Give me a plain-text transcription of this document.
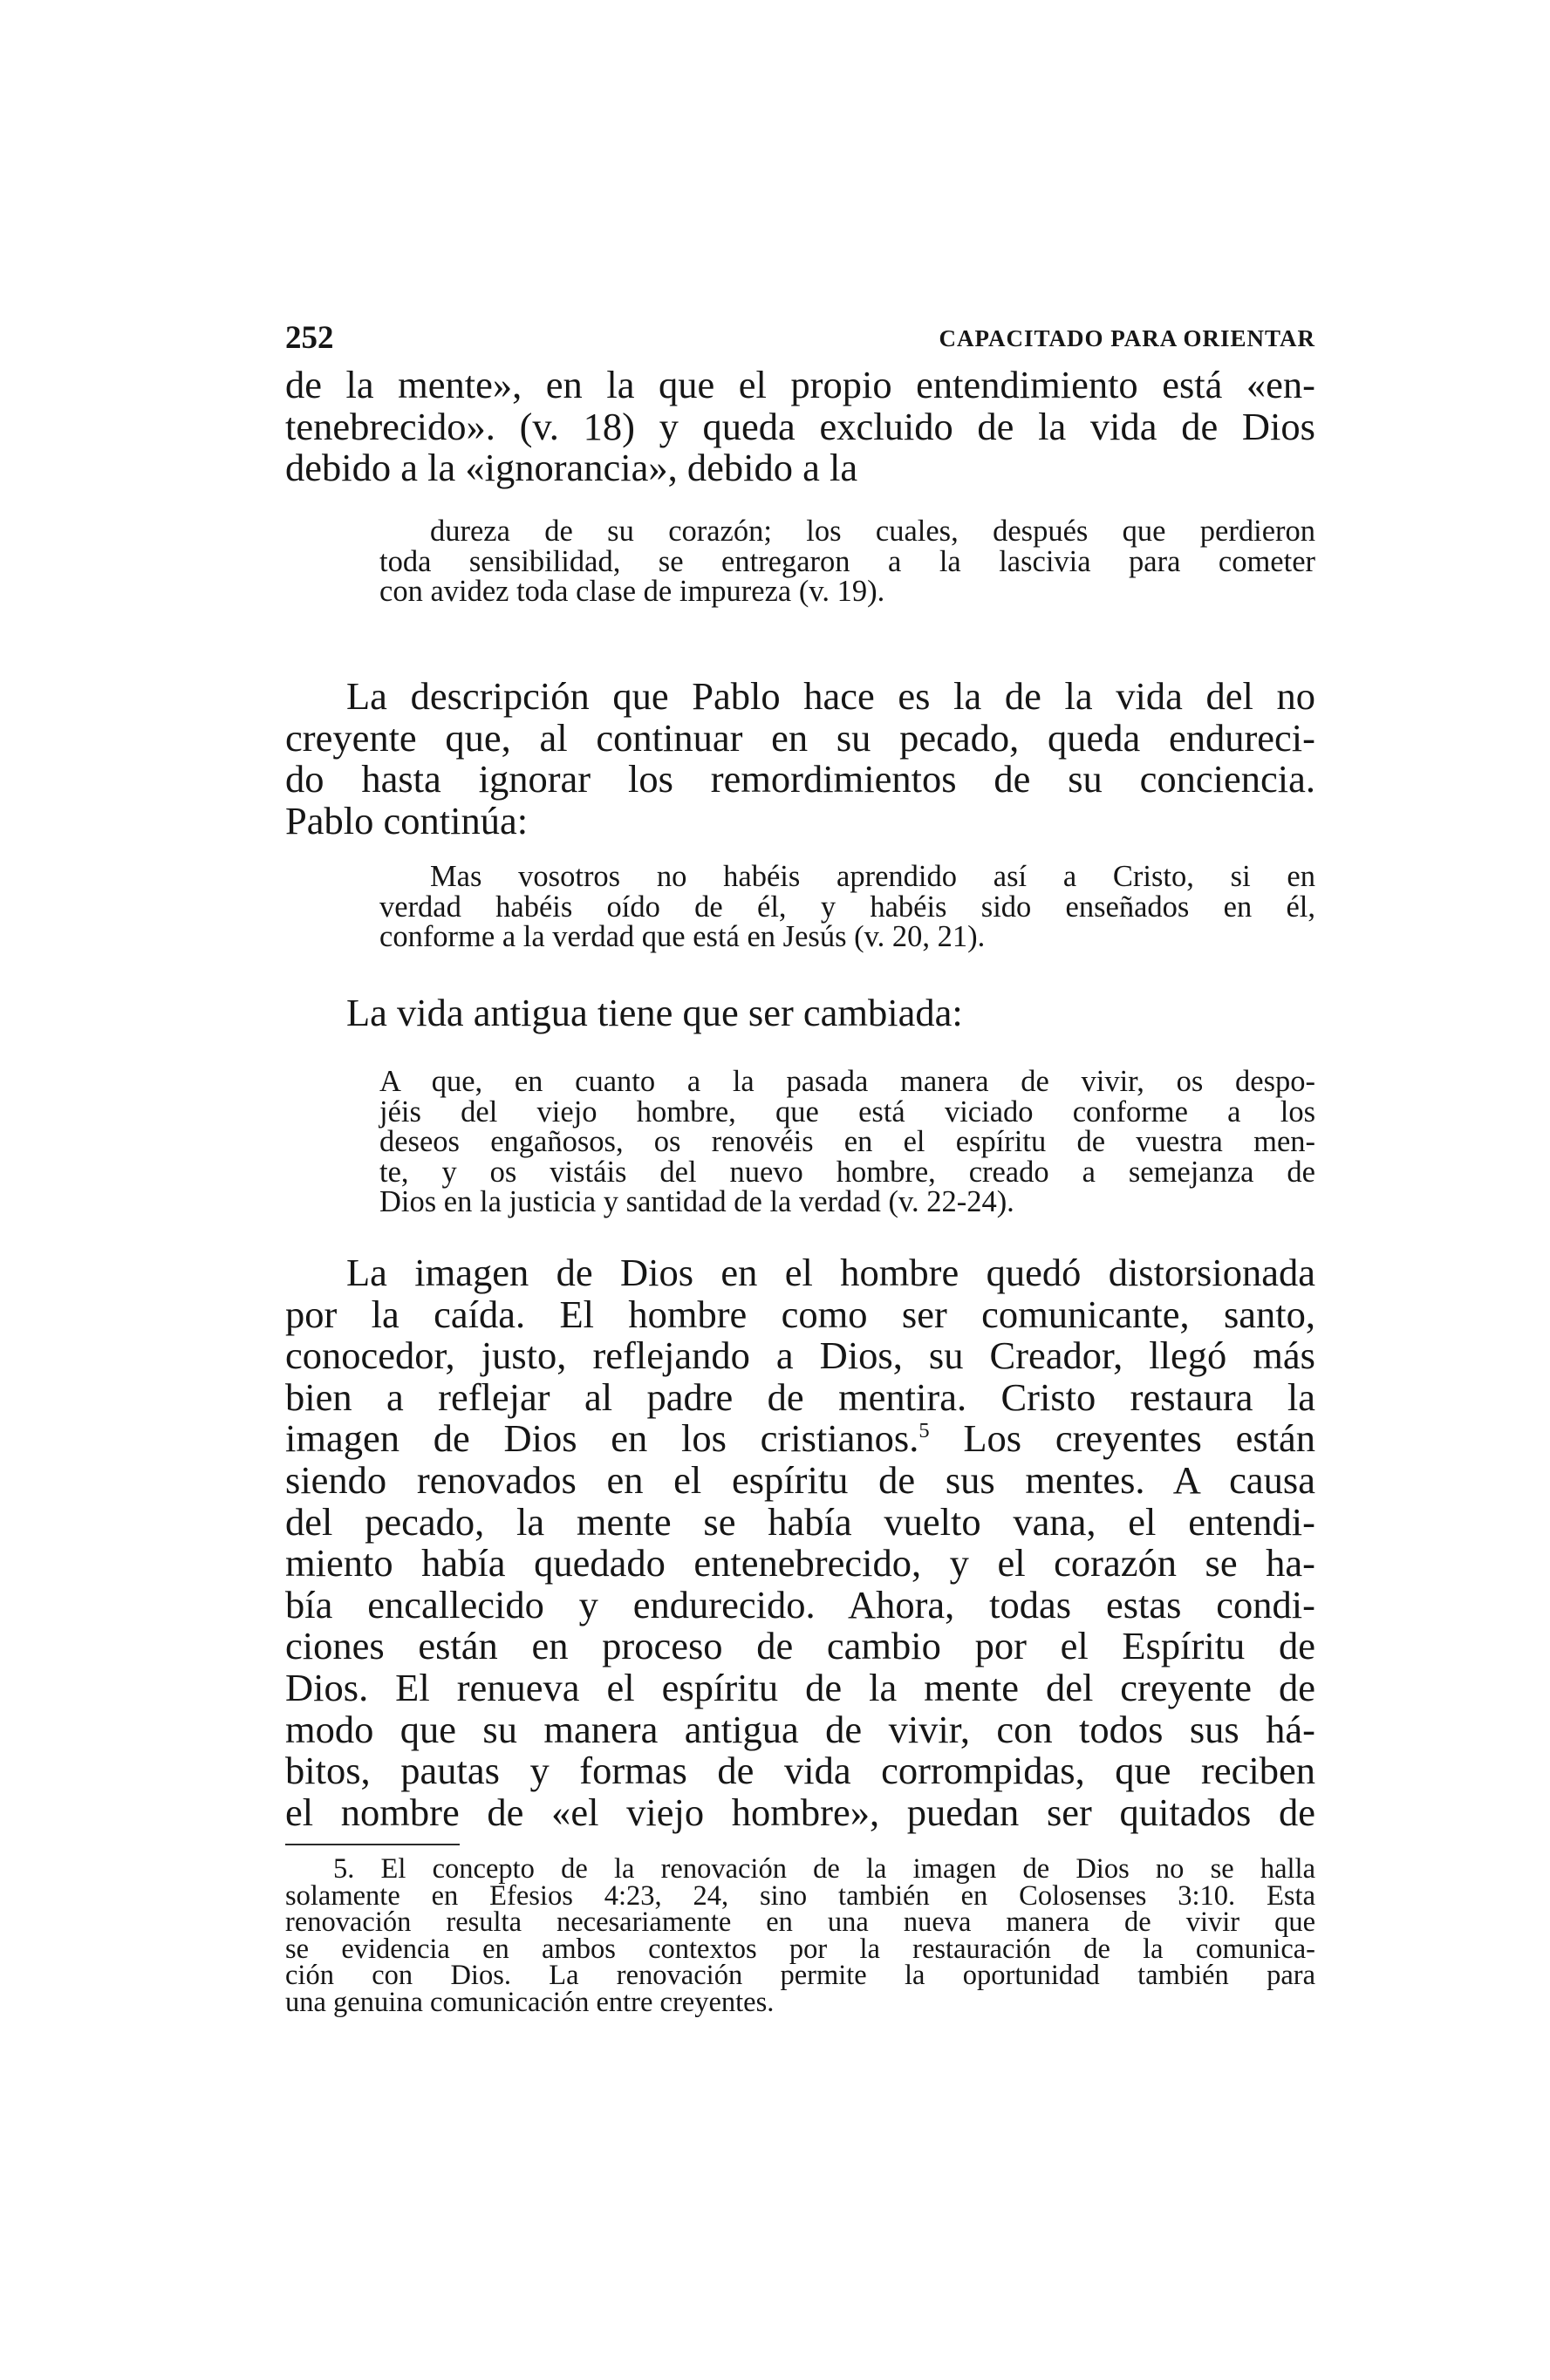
252	CAPACITADO PARA ORIENTAR
de la mente», en la que el propio entendimiento está «en-
tenebrecido». (v. 18) y queda excluido de la vida de Dios
debido a la «ignorancia», debido a la
dureza de su corazón; los cuales, después que perdieron
toda sensibilidad, se entregaron a la lascivia para cometer
con avidez toda clase de impureza (v. 19).
La descripción que Pablo hace es la de la vida del no
creyente que, al continuar en su pecado, queda endureci-
do hasta ignorar los remordimientos de su conciencia.
Pablo continúa:
Mas vosotros no habéis aprendido así a Cristo, si en
verdad habéis oído de él, y habéis sido enseñados en él,
conforme a la verdad que está en Jesús (v. 20, 21).
La vida antigua tiene que ser cambiada:
A que, en cuanto a la pasada manera de vivir, os despo-
jéis del viejo hombre, que está viciado conforme a los
deseos engañosos, os renovéis en el espíritu de vuestra men-
te, y os vistáis del nuevo hombre, creado a semejanza de
Dios en la justicia y santidad de la verdad (v. 22-24).
La imagen de Dios en el hombre quedó distorsionada
por la caída. El hombre como ser comunicante, santo,
conocedor, justo, reflejando a Dios, su Creador, llegó más
bien a reflejar al padre de mentira. Cristo restaura la
imagen de Dios en los cristianos.$^5$ Los creyentes están
siendo renovados en el espíritu de sus mentes. A causa
del pecado, la mente se había vuelto vana, el entendi-
miento había quedado entenebrecido, y el corazón se ha-
bía encallecido y endurecido. Ahora, todas estas condi-
ciones están en proceso de cambio por el Espíritu de
Dios. El renueva el espíritu de la mente del creyente de
modo que su manera antigua de vivir, con todos sus há-
bitos, pautas y formas de vida corrompidas, que reciben
el nombre de «el viejo hombre», puedan ser quitados de
5. El concepto de la renovación de la imagen de Dios no se halla
solamente en Efesios 4:23, 24, sino también en Colosenses 3:10. Esta
renovación resulta necesariamente en una nueva manera de vivir que
se evidencia en ambos contextos por la restauración de la comunica-
ción con Dios. La renovación permite la oportunidad también para
una genuina comunicación entre creyentes.
